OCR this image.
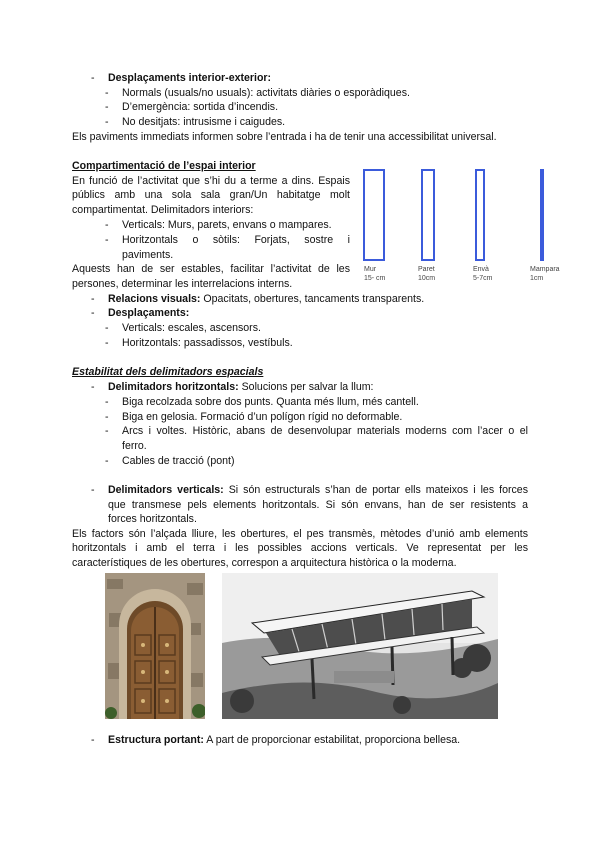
- Desplaçaments interior-exterior:
- Normals (usuals/no usuals): activitats diàries o esporàdiques.
- D’emergència: sortida d’incendis.
- No desitjats: intrusisme i caigudes.
Els paviments immediats informen sobre l’entrada i ha de tenir una accessibilitat universal.
Compartimentació de l’espai interior
En funció de l’activitat que s’hi du a terme a dins. Espais
públics amb una sola sala gran/Un habitatge molt
compartimentat. Delimitadors interiors:
- Verticals: Murs, parets, envans o mampares.
- Horitzontals o sòtils: Forjats, sostre i
paviments.
Aquests han de ser estables, facilitar l’activitat de les
persones, determinar les interrelacions interns.
- Relacions visuals: Opacitats, obertures, tancaments transparents.
- Desplaçaments:
- Verticals: escales, ascensors.
- Horitzontals: passadissos, vestíbuls.
Mur
15- cm
Paret
10cm
Envà
5-7cm
Mampara
1cm
Estabilitat dels delimitadors espacials
- Delimitadors horitzontals: Solucions per salvar la llum:
- Biga recolzada sobre dos punts. Quanta més llum, més cantell.
- Biga en gelosia. Formació d’un polígon rígid no deformable.
- Arcs i voltes. Històric, abans de desenvolupar materials moderns com l’acer o el
ferro.
- Cables de tracció (pont)
- Delimitadors verticals: Si són estructurals s’han de portar ells mateixos i les forces
que transmese pels elements horitzontals. Si són envans, han de ser resistents a
forces horitzontals.
Els factors són l’alçada lliure, les obertures, el pes transmès, mètodes d’unió amb elements
horitzontals i amb el terra i les possibles accions verticals. Ve representat per les
característiques de les obertures, correspon a arquitectura històrica o la moderna.
- Estructura portant: A part de proporcionar estabilitat, proporciona bellesa.
